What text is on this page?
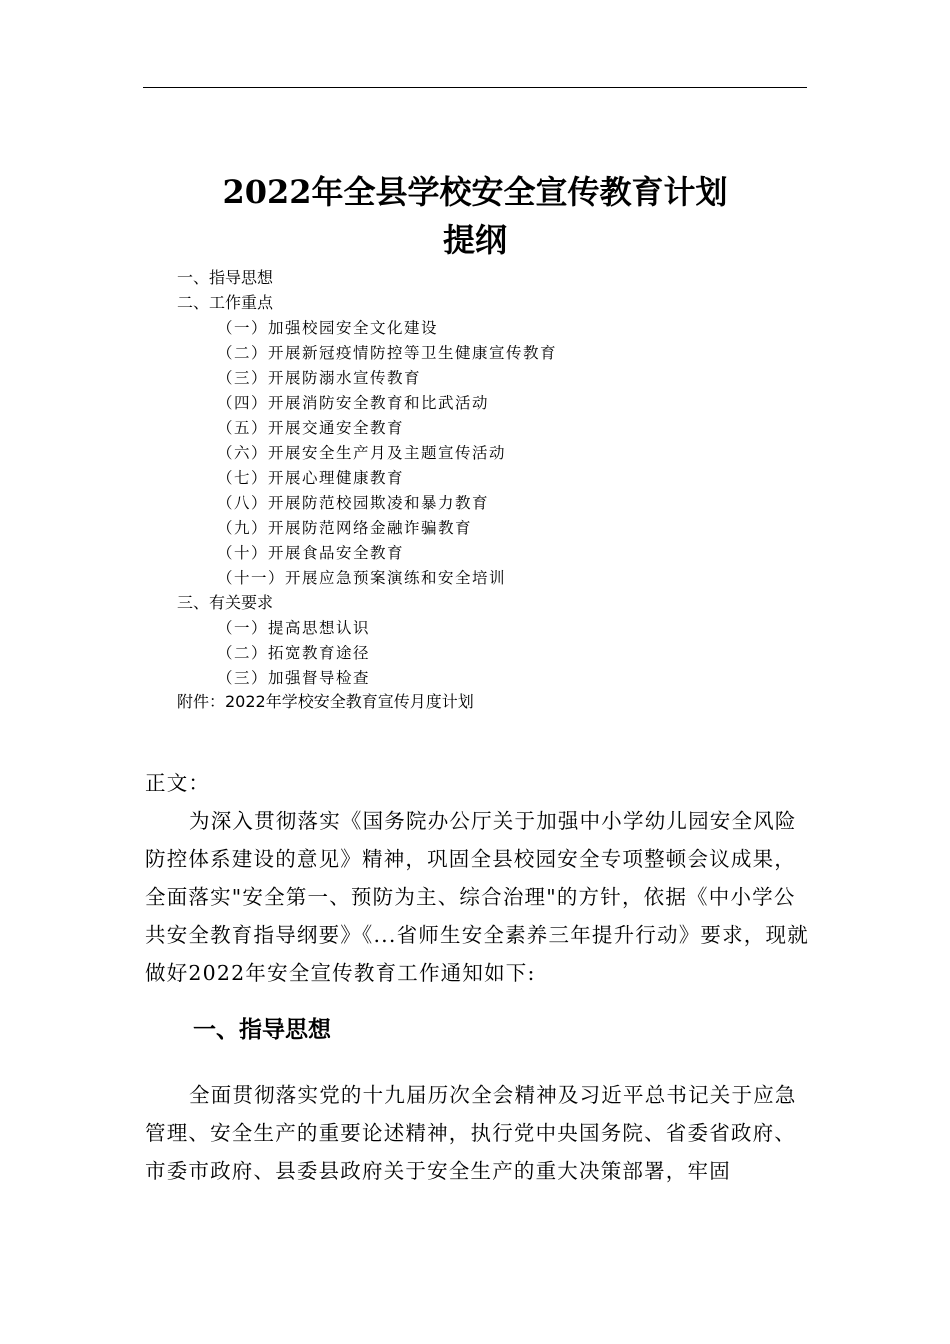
2022年全县学校安全宣传教育计划
提纲
一、指导思想
二、工作重点
（一）加强校园安全文化建设
（二）开展新冠疫情防控等卫生健康宣传教育
（三）开展防溺水宣传教育
（四）开展消防安全教育和比武活动
（五）开展交通安全教育
（六）开展安全生产月及主题宣传活动
（七）开展心理健康教育
（八）开展防范校园欺凌和暴力教育
（九）开展防范网络金融诈骗教育
（十）开展食品安全教育
（十一）开展应急预案演练和安全培训
三、有关要求
（一）提高思想认识
（二）拓宽教育途径
（三）加强督导检查
附件：2022年学校安全教育宣传月度计划
正文：
为深入贯彻落实《国务院办公厅关于加强中小学幼儿园安全风险防控体系建设的意见》精神，巩固全县校园安全专项整顿会议成果，全面落实"安全第一、预防为主、综合治理"的方针，依据《中小学公共安全教育指导纲要》《...省师生安全素养三年提升行动》要求，现就做好2022年安全宣传教育工作通知如下:
一、指导思想
全面贯彻落实党的十九届历次全会精神及习近平总书记关于应急管理、安全生产的重要论述精神，执行党中央国务院、省委省政府、市委市政府、县委县政府关于安全生产的重大决策部署，牢固
